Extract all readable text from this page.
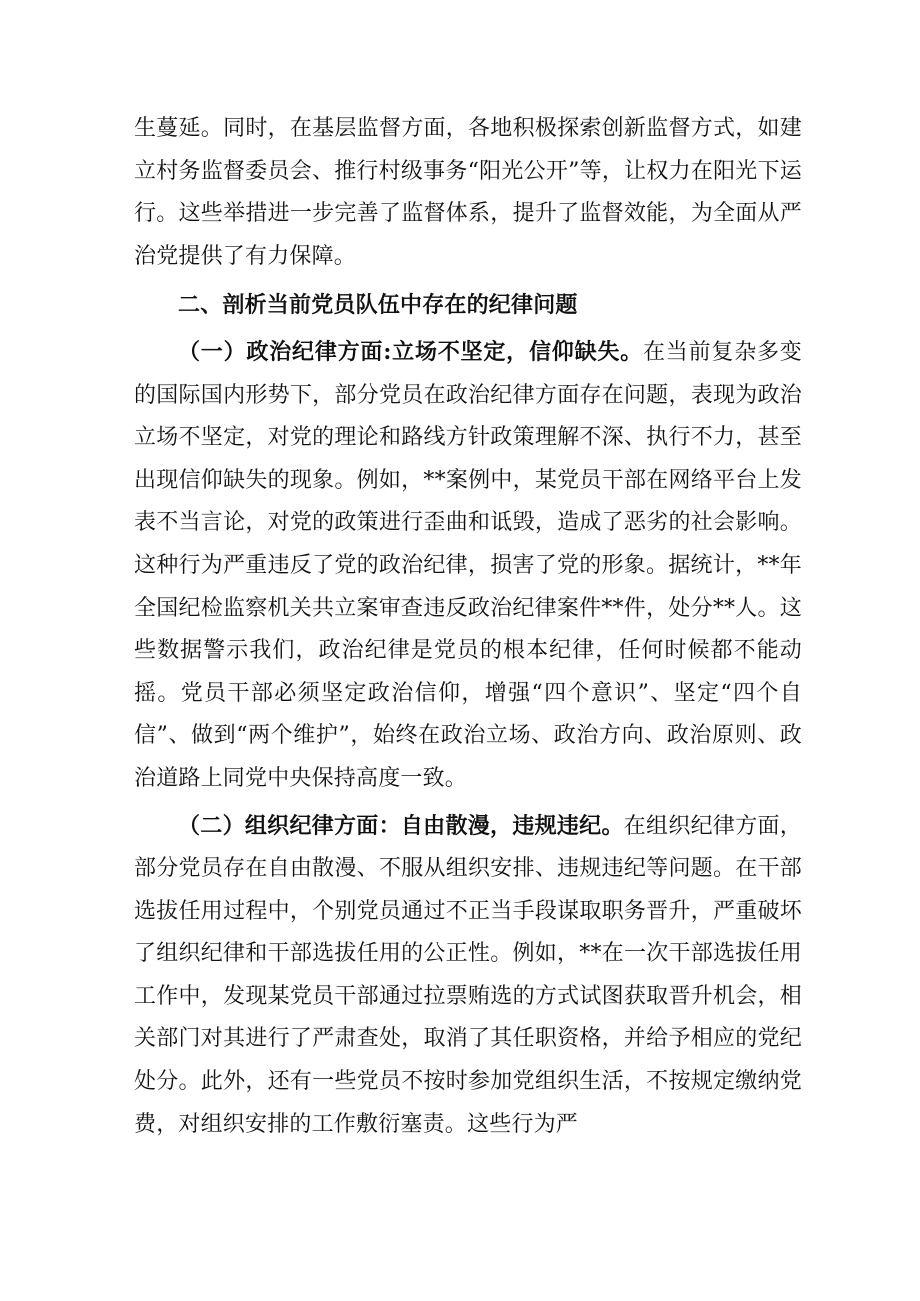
生蔓延。同时，在基层监督方面，各地积极探索创新监督方式，如建立村务监督委员会、推行村级事务“阳光公开”等，让权力在阳光下运行。这些举措进一步完善了监督体系，提升了监督效能，为全面从严治党提供了有力保障。

二、剖析当前党员队伍中存在的纪律问题

（一）政治纪律方面:立场不坚定，信仰缺失。在当前复杂多变的国际国内形势下，部分党员在政治纪律方面存在问题，表现为政治立场不坚定，对党的理论和路线方针政策理解不深、执行不力，甚至出现信仰缺失的现象。例如，**案例中，某党员干部在网络平台上发表不当言论，对党的政策进行歪曲和诋毁，造成了恶劣的社会影响。这种行为严重违反了党的政治纪律，损害了党的形象。据统计，**年全国纪检监察机关共立案审查违反政治纪律案件**件，处分**人。这些数据警示我们，政治纪律是党员的根本纪律，任何时候都不能动摇。党员干部必须坚定政治信仰，增强“四个意识”、坚定“四个自信”、做到“两个维护”，始终在政治立场、政治方向、政治原则、政治道路上同党中央保持高度一致。

（二）组织纪律方面：自由散漫，违规违纪。在组织纪律方面，部分党员存在自由散漫、不服从组织安排、违规违纪等问题。在干部选拔任用过程中，个别党员通过不正当手段谋取职务晋升，严重破坏了组织纪律和干部选拔任用的公正性。例如，**在一次干部选拔任用工作中，发现某党员干部通过拉票贿选的方式试图获取晋升机会，相关部门对其进行了严肃查处，取消了其任职资格，并给予相应的党纪处分。此外，还有一些党员不按时参加党组织生活，不按规定缴纳党费，对组织安排的工作敷衍塞责。这些行为严
